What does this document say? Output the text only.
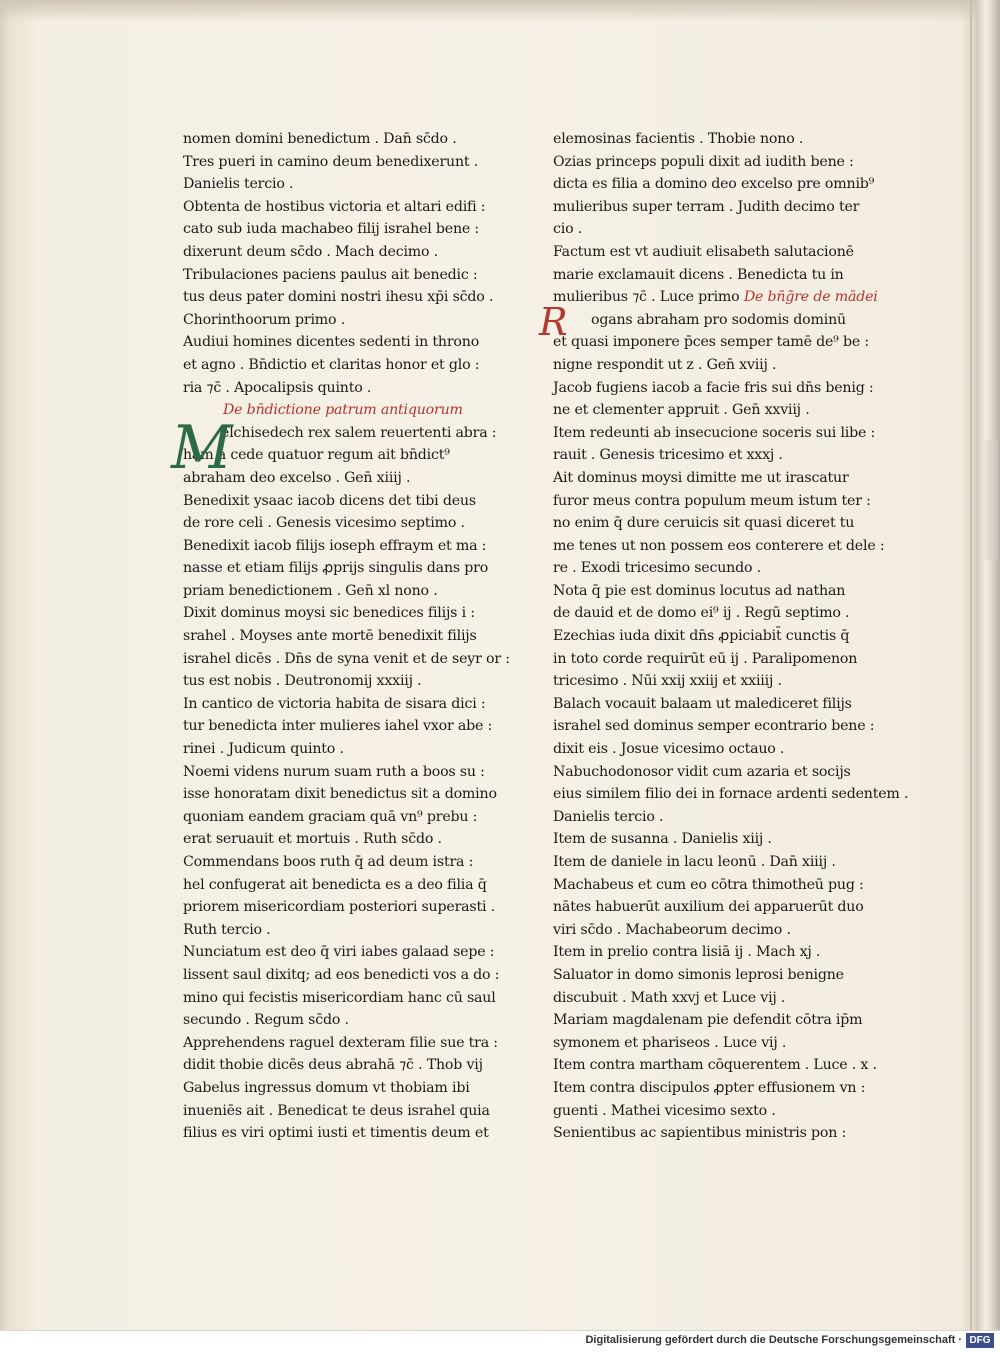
nomen domini benedictum . Dan̄ sc̄do .
Tres pueri in camino deum benedixerunt .
Danielis tercio .
Obtenta de hostibus victoria et altari edifi :
cato sub iuda machabeo filij israhel bene :
dixerunt deum sc̄do . Mach decimo .
Tribulaciones paciens paulus ait benedic :
tus deus pater domini nostri ihesu xp̄i sc̄do .
Chorinthoorum primo .
Audiui homines dicentes sedenti in throno
et agno . Bn̄dictio et claritas honor et glo :
ria ⁊c̄ . Apocalipsis quinto .
De bn̄dictione patrum antiquorum
M
elchisedech rex salem reuertenti abra :
ham a cede quatuor regum ait bn̄dict⁹
abraham deo excelso . Gen̄ xiiij .
Benedixit ysaac iacob dicens det tibi deus
de rore celi . Genesis vicesimo septimo .
Benedixit iacob filijs ioseph effraym et ma :
nasse et etiam filijs ꝓprijs singulis dans pro
priam benedictionem . Gen̄ xl nono .
Dixit dominus moysi sic benedices filijs i :
srahel . Moyses ante mortē benedixit filijs
israhel dicēs . Dn̄s de syna venit et de seyr or :
tus est nobis . Deutronomij xxxiij .
In cantico de victoria habita de sisara dici :
tur benedicta inter mulieres iahel vxor abe :
rinei . Judicum quinto .
Noemi videns nurum suam ruth a boos su :
isse honoratam dixit benedictus sit a domino
quoniam eandem graciam quā vn⁹ prebu :
erat seruauit et mortuis . Ruth sc̄do .
Commendans boos ruth q̄ ad deum istra :
hel confugerat ait benedicta es a deo filia q̄
priorem misericordiam posteriori superasti .
Ruth tercio .
Nunciatum est deo q̄ viri iabes galaad sepe :
lissent saul dixitq; ad eos benedicti vos a do :
mino qui fecistis misericordiam hanc cū saul
secundo . Regum sc̄do .
Apprehendens raguel dexteram filie sue tra :
didit thobie dicēs deus abrahā ⁊c̄ . Thob vij
Gabelus ingressus domum vt thobiam ibi
inueniēs ait . Benedicat te deus israhel quia
filius es viri optimi iusti et timentis deum et
elemosinas facientis . Thobie nono .
Ozias princeps populi dixit ad iudith bene :
dicta es filia a domino deo excelso pre omnib⁹
mulieribus super terram . Judith decimo ter
cio .
Factum est vt audiuit elisabeth salutacionē
marie exclamauit dicens . Benedicta tu in
mulieribus ⁊c̄ . Luce primo De bn̄g̃re de mādei
R ogans abraham pro sodomis dominū
et quasi imponere p̄ces semper tamē de⁹ be :
nigne respondit ut z . Gen̄ xviij .
Jacob fugiens iacob a facie fris sui dn̄s benig :
ne et clementer appruit . Gen̄ xxviij .
Item redeunti ab insecucione soceris sui libe :
rauit . Genesis tricesimo et xxxj .
Ait dominus moysi dimitte me ut irascatur
furor meus contra populum meum istum ter :
no enim q̄ dure ceruicis sit quasi diceret tu
me tenes ut non possem eos conterere et dele :
re . Exodi tricesimo secundo .
Nota q̄ pie est dominus locutus ad nathan
de dauid et de domo ei⁹ ij . Regū septimo .
Ezechias iuda dixit dn̄s ꝓpiciabit̄ cunctis q̄
in toto corde requirūt eū ij . Paralipomenon
tricesimo . Nūi xxij xxiij et xxiiij .
Balach vocauit balaam ut malediceret filijs
israhel sed dominus semper econtrario bene :
dixit eis . Josue vicesimo octauo .
Nabuchodonosor vidit cum azaria et socijs
eius similem filio dei in fornace ardenti sedentem .
Danielis tercio .
Item de susanna . Danielis xiij .
Item de daniele in lacu leonū . Dan̄ xiiij .
Machabeus et cum eo cōtra thimotheū pug :
nātes habuerūt auxilium dei apparuerūt duo
viri sc̄do . Machabeorum decimo .
Item in prelio contra lisiā ij . Mach xj .
Saluator in domo simonis leprosi benigne
discubuit . Math xxvj et Luce vij .
Mariam magdalenam pie defendit cōtra ip̄m
symonem et phariseos . Luce vij .
Item contra martham cōquerentem . Luce . x .
Item contra discipulos ꝓpter effusionem vn :
guenti . Mathei vicesimo sexto .
Senientibus ac sapientibus ministris pon :
Digitalisierung gefördert durch die Deutsche Forschungsgemeinschaft · DFG
